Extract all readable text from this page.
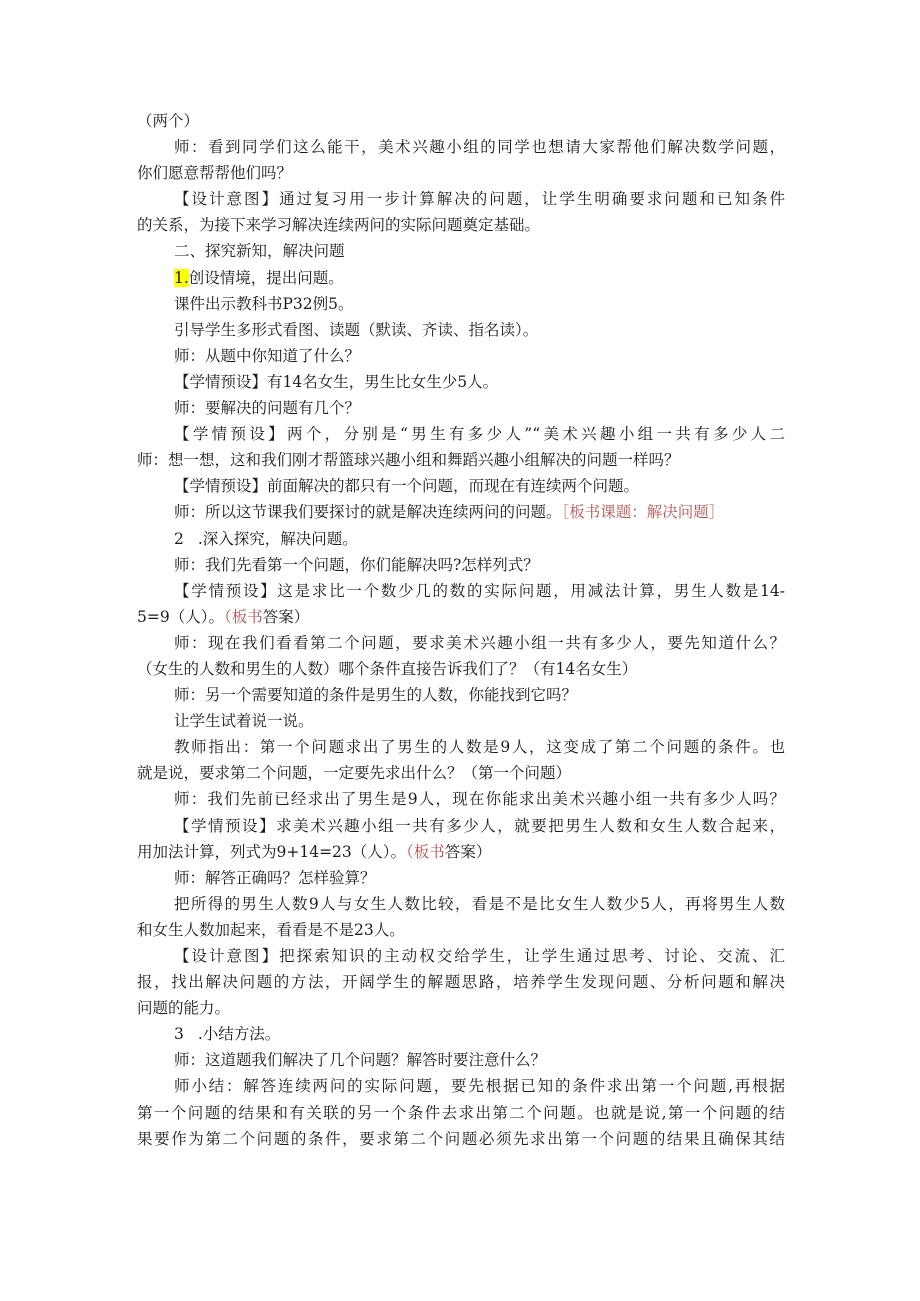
（两个）
师：看到同学们这么能干，美术兴趣小组的同学也想请大家帮他们解决数学问题，
你们愿意帮帮他们吗？
【设计意图】通过复习用一步计算解决的问题，让学生明确要求问题和已知条件
的关系，为接下来学习解决连续两问的实际问题奠定基础。
二、探究新知，解决问题
1.创设情境，提出问题。
课件出示教科书P32例5。
引导学生多形式看图、读题（默读、齐读、指名读）。
师：从题中你知道了什么？
【学情预设】有14名女生，男生比女生少5人。
师：要解决的问题有几个？
【学情预设】两个，分别是“男生有多少人”“美术兴趣小组一共有多少人二
师：想一想，这和我们刚才帮篮球兴趣小组和舞蹈兴趣小组解决的问题一样吗？
【学情预设】前面解决的都只有一个问题，而现在有连续两个问题。
师：所以这节课我们要探讨的就是解决连续两问的问题。［板书课题：解决问题］
2 .深入探究，解决问题。
师：我们先看第一个问题，你们能解决吗?怎样列式？
【学情预设】这是求比一个数少几的数的实际问题，用减法计算，男生人数是14-
5=9（人）。（板书答案）
师：现在我们看看第二个问题，要求美术兴趣小组一共有多少人，要先知道什么？
（女生的人数和男生的人数）哪个条件直接告诉我们了？（有14名女生）
师：另一个需要知道的条件是男生的人数，你能找到它吗？
让学生试着说一说。
教师指出：第一个问题求出了男生的人数是9人，这变成了第二个问题的条件。也
就是说，要求第二个问题，一定要先求出什么？（第一个问题）
师：我们先前已经求出了男生是9人，现在你能求出美术兴趣小组一共有多少人吗？
【学情预设】求美术兴趣小组一共有多少人，就要把男生人数和女生人数合起来，
用加法计算，列式为9+14=23（人）。（板书答案）
师：解答正确吗？怎样验算？
把所得的男生人数9人与女生人数比较，看是不是比女生人数少5人，再将男生人数
和女生人数加起来，看看是不是23人。
【设计意图】把探索知识的主动权交给学生，让学生通过思考、讨论、交流、汇
报，找出解决问题的方法，开阔学生的解题思路，培养学生发现问题、分析问题和解决
问题的能力。
3 .小结方法。
师：这道题我们解决了几个问题？解答时要注意什么？
师小结：解答连续两问的实际问题，要先根据已知的条件求出第一个问题,再根据
第一个问题的结果和有关联的另一个条件去求出第二个问题。也就是说,第一个问题的结
果要作为第二个问题的条件，要求第二个问题必须先求出第一个问题的结果且确保其结
